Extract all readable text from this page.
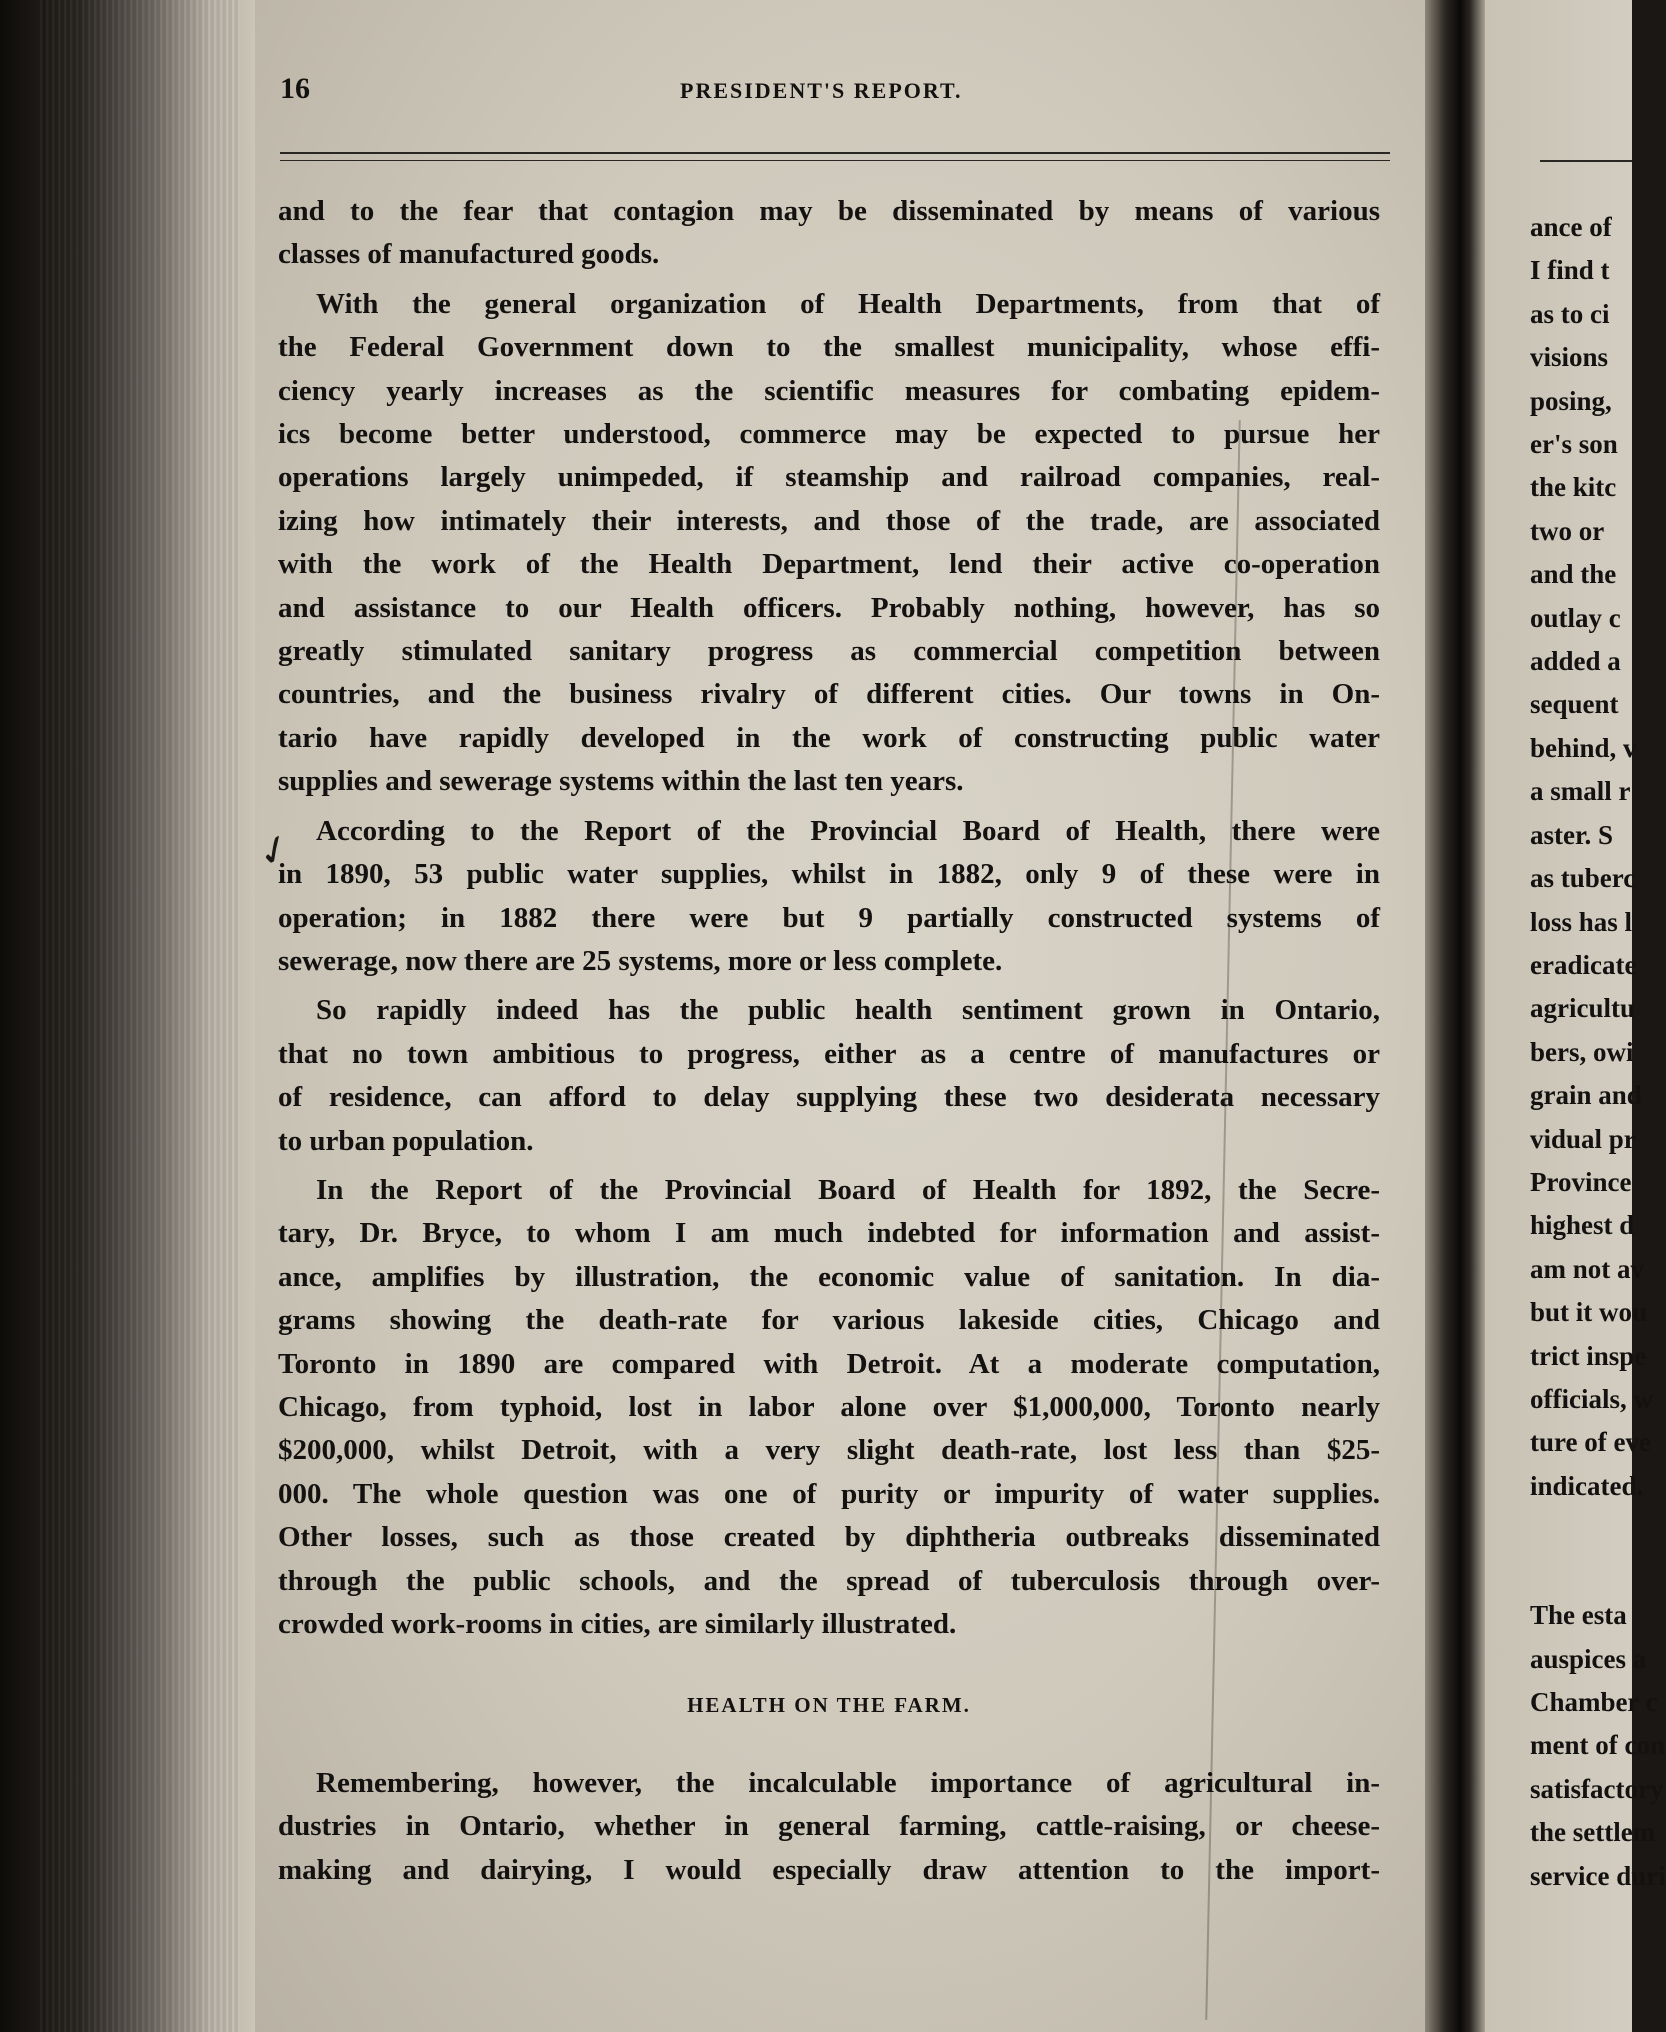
16	PRESIDENT'S REPORT.
✓
and to the fear that contagion may be disseminated by means of various
classes of manufactured goods.
With the general organization of Health Departments, from that of
the Federal Government down to the smallest municipality, whose effi-
ciency yearly increases as the scientific measures for combating epidem-
ics become better understood, commerce may be expected to pursue her
operations largely unimpeded, if steamship and railroad companies, real-
izing how intimately their interests, and those of the trade, are associated
with the work of the Health Department, lend their active co-operation
and assistance to our Health officers. Probably nothing, however, has so
greatly stimulated sanitary progress as commercial competition between
countries, and the business rivalry of different cities. Our towns in On-
tario have rapidly developed in the work of constructing public water
supplies and sewerage systems within the last ten years.
According to the Report of the Provincial Board of Health, there were
in 1890, 53 public water supplies, whilst in 1882, only 9 of these were in
operation; in 1882 there were but 9 partially constructed systems of
sewerage, now there are 25 systems, more or less complete.
So rapidly indeed has the public health sentiment grown in Ontario,
that no town ambitious to progress, either as a centre of manufactures or
of residence, can afford to delay supplying these two desiderata necessary
to urban population.
In the Report of the Provincial Board of Health for 1892, the Secre-
tary, Dr. Bryce, to whom I am much indebted for information and assist-
ance, amplifies by illustration, the economic value of sanitation. In dia-
grams showing the death-rate for various lakeside cities, Chicago and
Toronto in 1890 are compared with Detroit. At a moderate computation,
Chicago, from typhoid, lost in labor alone over $1,000,000, Toronto nearly
$200,000, whilst Detroit, with a very slight death-rate, lost less than $25-
000. The whole question was one of purity or impurity of water supplies.
Other losses, such as those created by diphtheria outbreaks disseminated
through the public schools, and the spread of tuberculosis through over-
crowded work-rooms in cities, are similarly illustrated.
HEALTH ON THE FARM.
Remembering, however, the incalculable importance of agricultural in-
dustries in Ontario, whether in general farming, cattle-raising, or cheese-
making and dairying, I would especially draw attention to the import-
ance of
I find t
as to ci
visions
posing,
er's son
the kitc
two or
and the
outlay c
added a
sequent
behind, v
a small r
aster. S
as tuberc
loss has l
eradicate
agricultu
bers, owi
grain and
vidual pr
Province
highest d
am not av
but it wou
trict inspe
officials, w
ture of eve
indicated.
The esta
auspices a
Chamber c
ment of con
satisfactory
the settlem
service duri
